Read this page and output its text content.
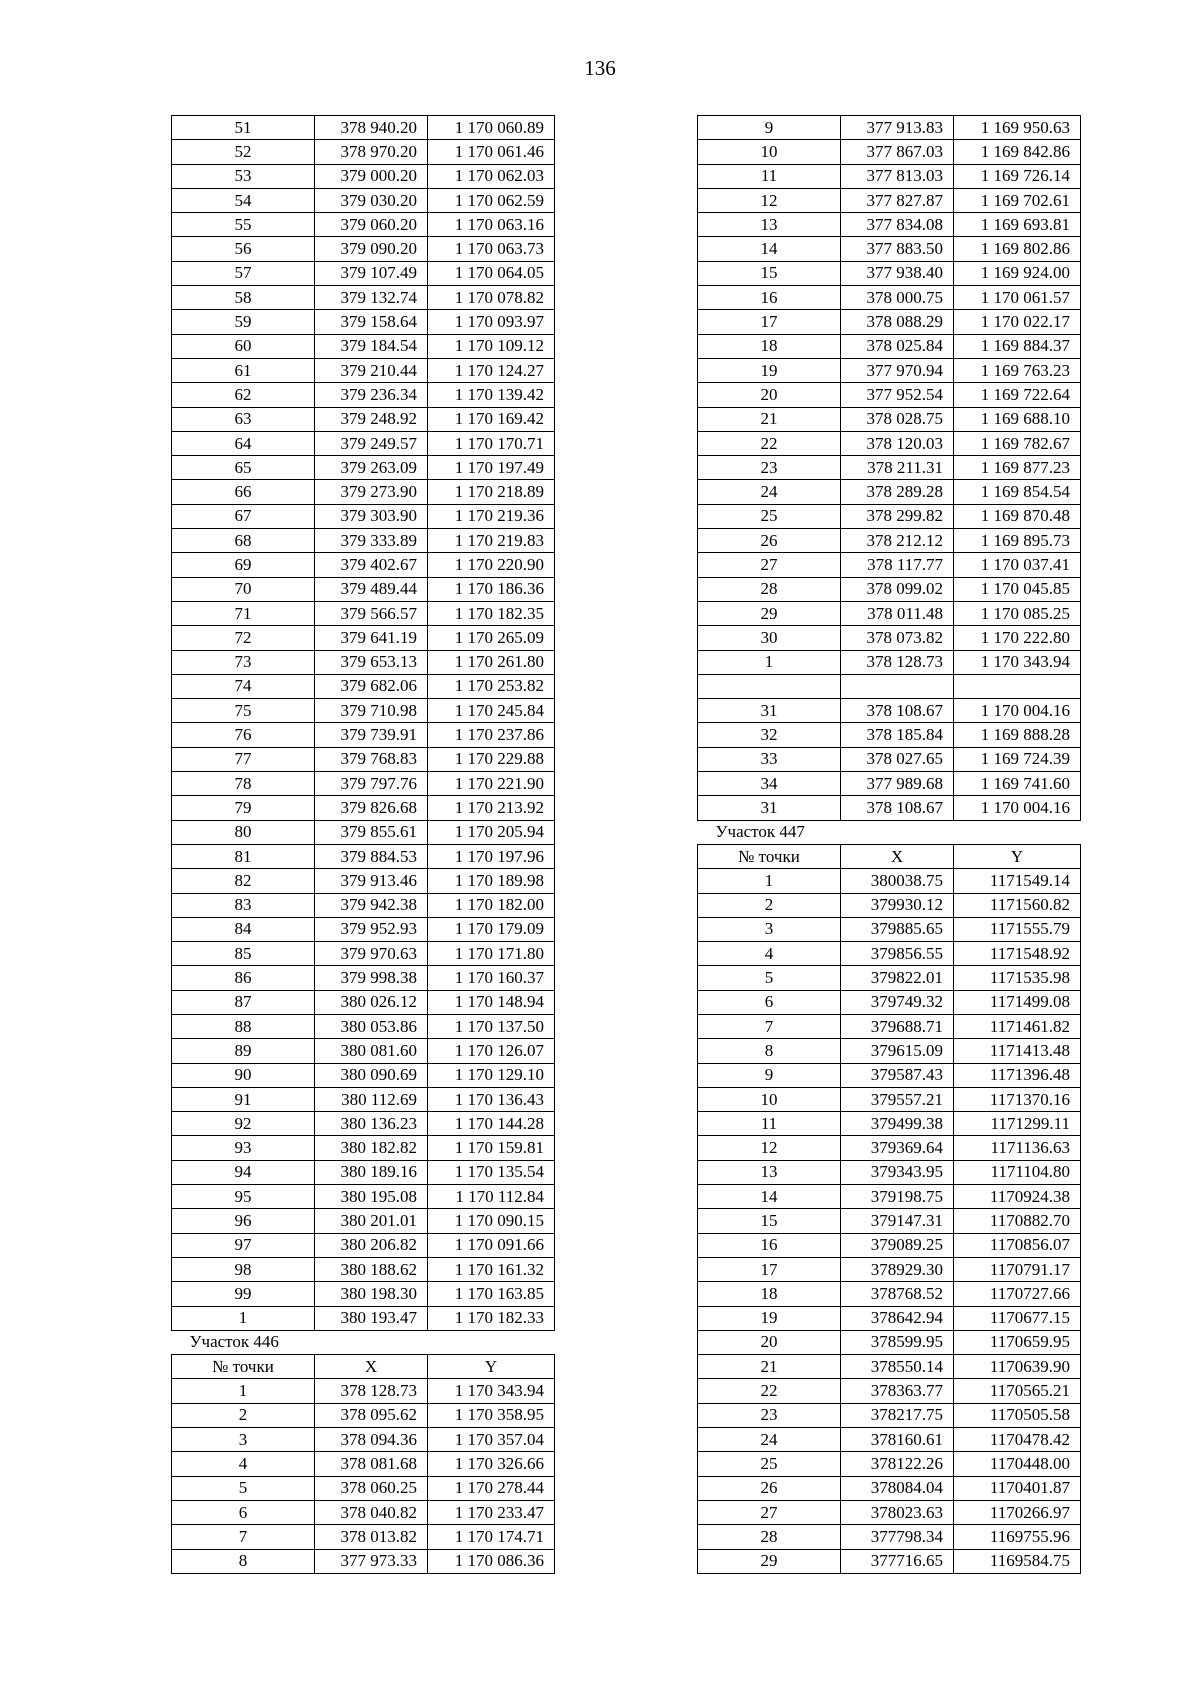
136
51	378 940.20	1 170 060.89
52	378 970.20	1 170 061.46
53	379 000.20	1 170 062.03
54	379 030.20	1 170 062.59
55	379 060.20	1 170 063.16
56	379 090.20	1 170 063.73
57	379 107.49	1 170 064.05
58	379 132.74	1 170 078.82
59	379 158.64	1 170 093.97
60	379 184.54	1 170 109.12
61	379 210.44	1 170 124.27
62	379 236.34	1 170 139.42
63	379 248.92	1 170 169.42
64	379 249.57	1 170 170.71
65	379 263.09	1 170 197.49
66	379 273.90	1 170 218.89
67	379 303.90	1 170 219.36
68	379 333.89	1 170 219.83
69	379 402.67	1 170 220.90
70	379 489.44	1 170 186.36
71	379 566.57	1 170 182.35
72	379 641.19	1 170 265.09
73	379 653.13	1 170 261.80
74	379 682.06	1 170 253.82
75	379 710.98	1 170 245.84
76	379 739.91	1 170 237.86
77	379 768.83	1 170 229.88
78	379 797.76	1 170 221.90
79	379 826.68	1 170 213.92
80	379 855.61	1 170 205.94
81	379 884.53	1 170 197.96
82	379 913.46	1 170 189.98
83	379 942.38	1 170 182.00
84	379 952.93	1 170 179.09
85	379 970.63	1 170 171.80
86	379 998.38	1 170 160.37
87	380 026.12	1 170 148.94
88	380 053.86	1 170 137.50
89	380 081.60	1 170 126.07
90	380 090.69	1 170 129.10
91	380 112.69	1 170 136.43
92	380 136.23	1 170 144.28
93	380 182.82	1 170 159.81
94	380 189.16	1 170 135.54
95	380 195.08	1 170 112.84
96	380 201.01	1 170 090.15
97	380 206.82	1 170 091.66
98	380 188.62	1 170 161.32
99	380 198.30	1 170 163.85
1	380 193.47	1 170 182.33
Участок 446		
№ точки	X	Y
1	378 128.73	1 170 343.94
2	378 095.62	1 170 358.95
3	378 094.36	1 170 357.04
4	378 081.68	1 170 326.66
5	378 060.25	1 170 278.44
6	378 040.82	1 170 233.47
7	378 013.82	1 170 174.71
8	377 973.33	1 170 086.36
9	377 913.83	1 169 950.63
10	377 867.03	1 169 842.86
11	377 813.03	1 169 726.14
12	377 827.87	1 169 702.61
13	377 834.08	1 169 693.81
14	377 883.50	1 169 802.86
15	377 938.40	1 169 924.00
16	378 000.75	1 170 061.57
17	378 088.29	1 170 022.17
18	378 025.84	1 169 884.37
19	377 970.94	1 169 763.23
20	377 952.54	1 169 722.64
21	378 028.75	1 169 688.10
22	378 120.03	1 169 782.67
23	378 211.31	1 169 877.23
24	378 289.28	1 169 854.54
25	378 299.82	1 169 870.48
26	378 212.12	1 169 895.73
27	378 117.77	1 170 037.41
28	378 099.02	1 170 045.85
29	378 011.48	1 170 085.25
30	378 073.82	1 170 222.80
1	378 128.73	1 170 343.94

31	378 108.67	1 170 004.16
32	378 185.84	1 169 888.28
33	378 027.65	1 169 724.39
34	377 989.68	1 169 741.60
31	378 108.67	1 170 004.16
Участок 447		
№ точки	X	Y
1	380038.75	1171549.14
2	379930.12	1171560.82
3	379885.65	1171555.79
4	379856.55	1171548.92
5	379822.01	1171535.98
6	379749.32	1171499.08
7	379688.71	1171461.82
8	379615.09	1171413.48
9	379587.43	1171396.48
10	379557.21	1171370.16
11	379499.38	1171299.11
12	379369.64	1171136.63
13	379343.95	1171104.80
14	379198.75	1170924.38
15	379147.31	1170882.70
16	379089.25	1170856.07
17	378929.30	1170791.17
18	378768.52	1170727.66
19	378642.94	1170677.15
20	378599.95	1170659.95
21	378550.14	1170639.90
22	378363.77	1170565.21
23	378217.75	1170505.58
24	378160.61	1170478.42
25	378122.26	1170448.00
26	378084.04	1170401.87
27	378023.63	1170266.97
28	377798.34	1169755.96
29	377716.65	1169584.75
